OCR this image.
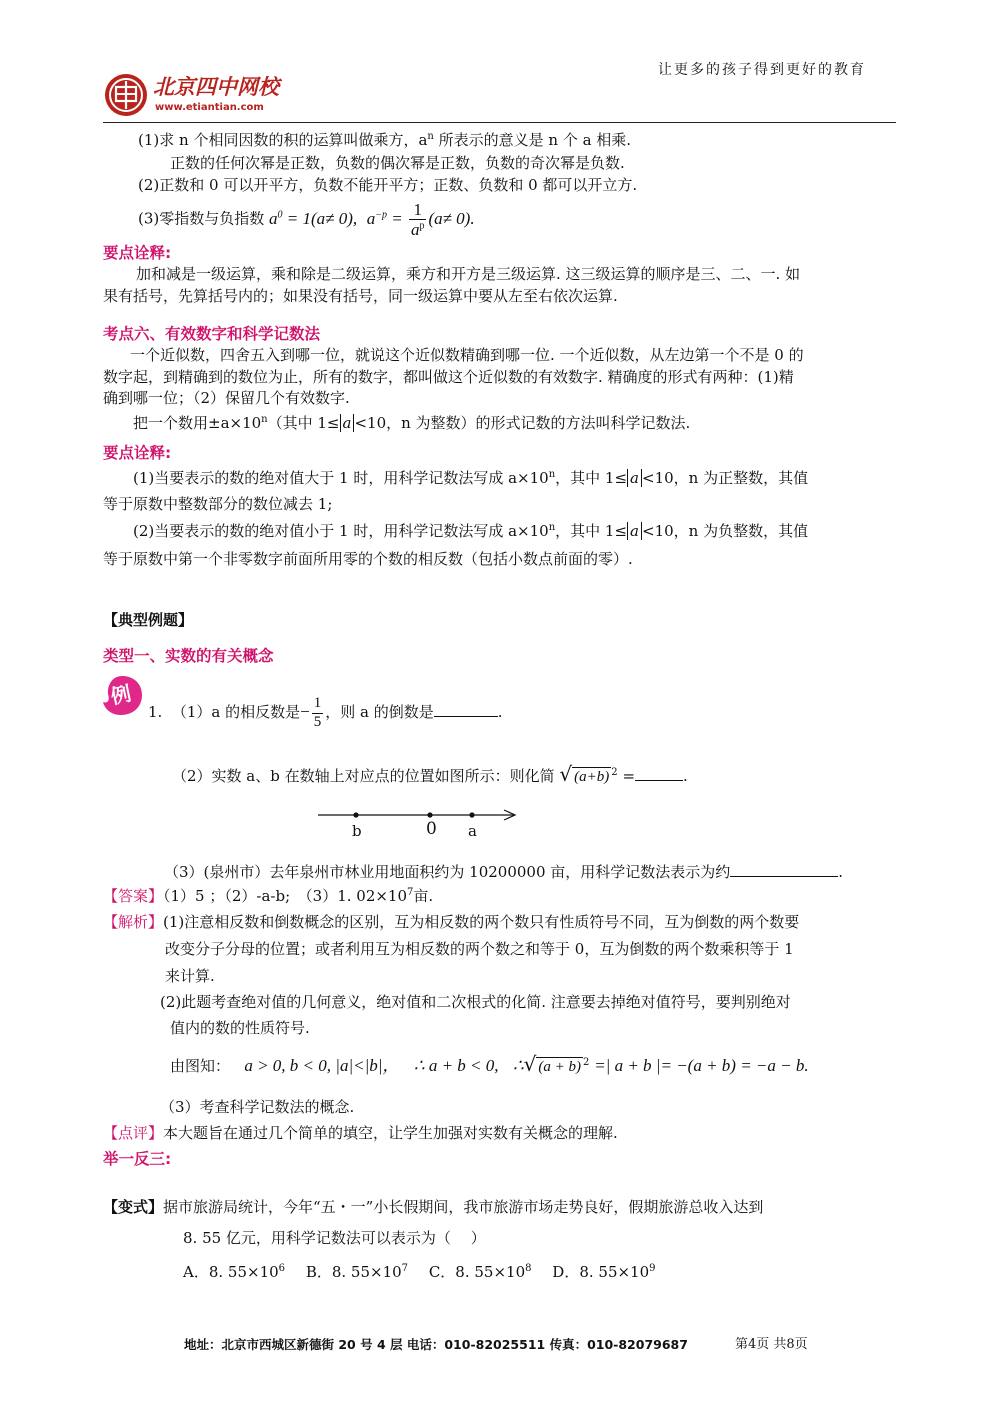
北京四中网校
www.etiantian.com
让更多的孩子得到更好的教育
(1)求 n 个相同因数的积的运算叫做乘方，$a^n$ 所表示的意义是 n 个 a 相乘.
正数的任何次幂是正数，负数的偶次幂是正数，负数的奇次幂是负数.
(2)正数和 0 可以开平方，负数不能开平方；正数、负数和 0 都可以开立方.
(3)零指数与负指数 $a^0 = 1(a\ne 0)$, $a^{-p} = \frac{1}{a^p} (a\ne 0)$.
要点诠释:
加和减是一级运算，乘和除是二级运算，乘方和开方是三级运算. 这三级运算的顺序是三、二、一. 如
果有括号，先算括号内的；如果没有括号，同一级运算中要从左至右依次运算.
考点六、有效数字和科学记数法
一个近似数，四舍五入到哪一位，就说这个近似数精确到哪一位. 一个近似数，从左边第一个不是 0 的
数字起，到精确到的数位为止，所有的数字，都叫做这个近似数的有效数字. 精确度的形式有两种：(1)精
确到哪一位；（2）保留几个有效数字.
把一个数用$\pm a\times 10^n$（其中 1≤ a <10，n 为整数）的形式记数的方法叫科学记数法.
要点诠释:
(1)当要表示的数的绝对值大于 1 时，用科学记数法写成 $a\times 10^n$，其中 1≤ a <10，n 为正整数，其值
等于原数中整数部分的数位减去 1;
(2)当要表示的数的绝对值小于 1 时，用科学记数法写成 $a\times 10^n$，其中 1≤ a <10，n 为负整数，其值
等于原数中第一个非零数字前面所用零的个数的相反数（包括小数点前面的零）.
【典型例题】
类型一、实数的有关概念
例
1. （1）a 的相反数是− $\frac{1}{5}$ ，则 a 的倒数是	.
（2）实数 a、b 在数轴上对应点的位置如图所示：则化简 √ (a+b) $^2$ =	.
b	0 a
（3）(泉州市）去年泉州市林业用地面积约为 10200000 亩，用科学记数法表示为约	.
【答案】（1）5 ；（2）-a-b;　（3）1. $02\times 10^7$亩.
【解析】(1)注意相反数和倒数概念的区别，互为相反数的两个数只有性质符号不同，互为倒数的两个数要
改变分子分母的位置；或者利用互为相反数的两个数之和等于 0，互为倒数的两个数乘积等于 1
来计算.
(2)此题考查绝对值的几何意义，绝对值和二次根式的化简. 注意要去掉绝对值符号，要判别绝对
值内的数的性质符号.
由图知： a > 0, b < 0, |a|<|b|， ∴ a + b < 0, ∴√ (a + b) $^2$ =| a + b |= −(a + b) = −a − b.
（3）考查科学记数法的概念.
【点评】本大题旨在通过几个简单的填空，让学生加强对实数有关概念的理解.
举一反三:
【变式】据市旅游局统计，今年“五・一”小长假期间，我市旅游市场走势良好，假期旅游总收入达到
8. 55 亿元，用科学记数法可以表示为（　 ）
A．8. $55\times 10^6$ B．8. $55\times 10^7$ C．8. $55\times 10^8$ D．8. $55\times 10^9$
地址：北京市西城区新德街 20 号 4 层 电话：010-82025511 传真：010-82079687	第4页 共8页
